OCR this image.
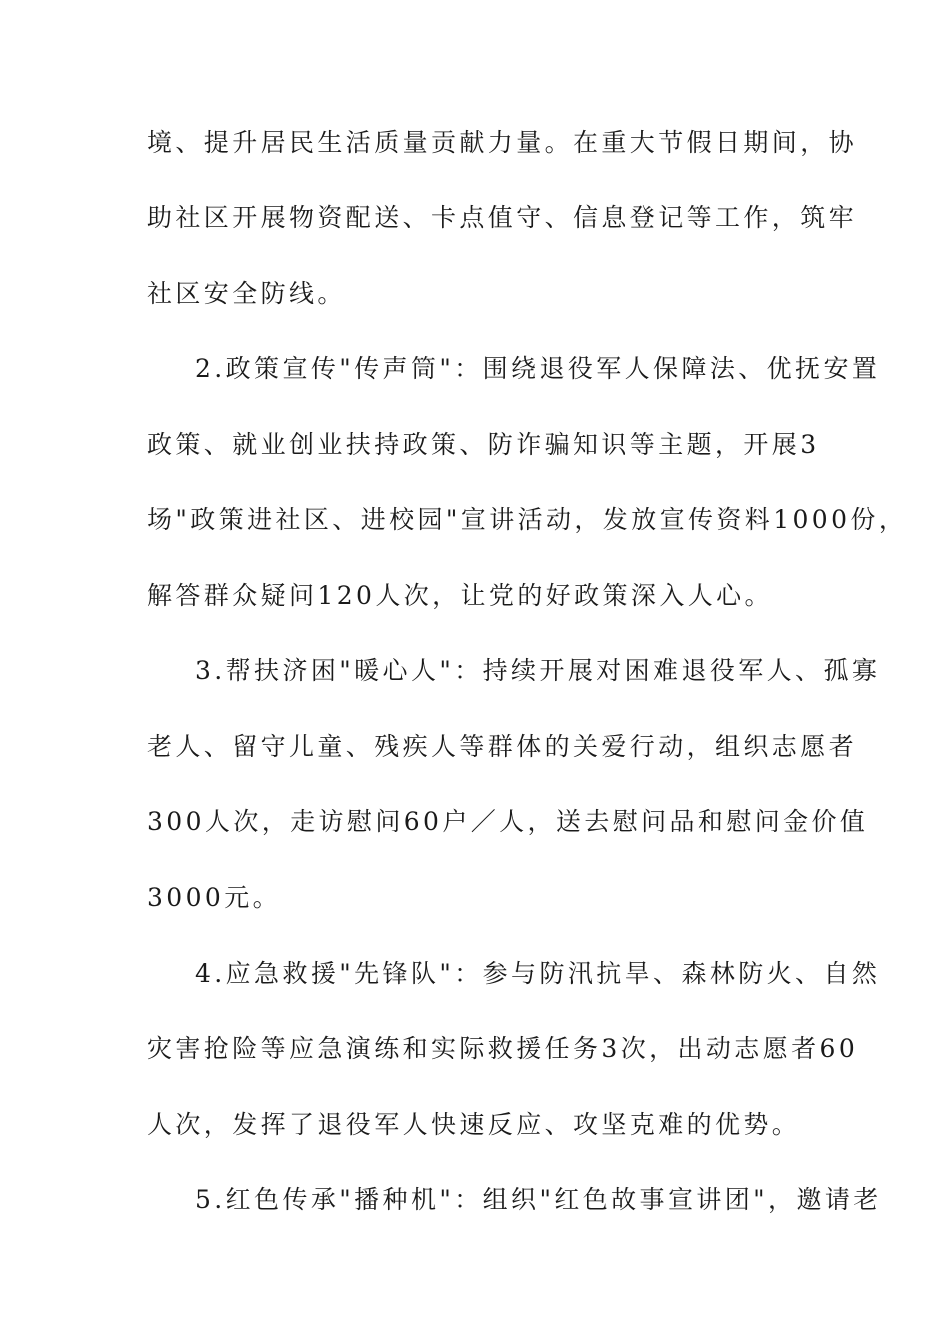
境、提升居民生活质量贡献力量。在重大节假日期间，协
助社区开展物资配送、卡点值守、信息登记等工作，筑牢
社区安全防线。
2.政策宣传"传声筒"：围绕退役军人保障法、优抚安置
政策、就业创业扶持政策、防诈骗知识等主题，开展3
场"政策进社区、进校园"宣讲活动，发放宣传资料1000份，
解答群众疑问120人次，让党的好政策深入人心。
3.帮扶济困"暖心人"：持续开展对困难退役军人、孤寡
老人、留守儿童、残疾人等群体的关爱行动，组织志愿者
300人次，走访慰问60户／人，送去慰问品和慰问金价值
3000元。
4.应急救援"先锋队"：参与防汛抗旱、森林防火、自然
灾害抢险等应急演练和实际救援任务3次，出动志愿者60
人次，发挥了退役军人快速反应、攻坚克难的优势。
5.红色传承"播种机"：组织"红色故事宣讲团"，邀请老
